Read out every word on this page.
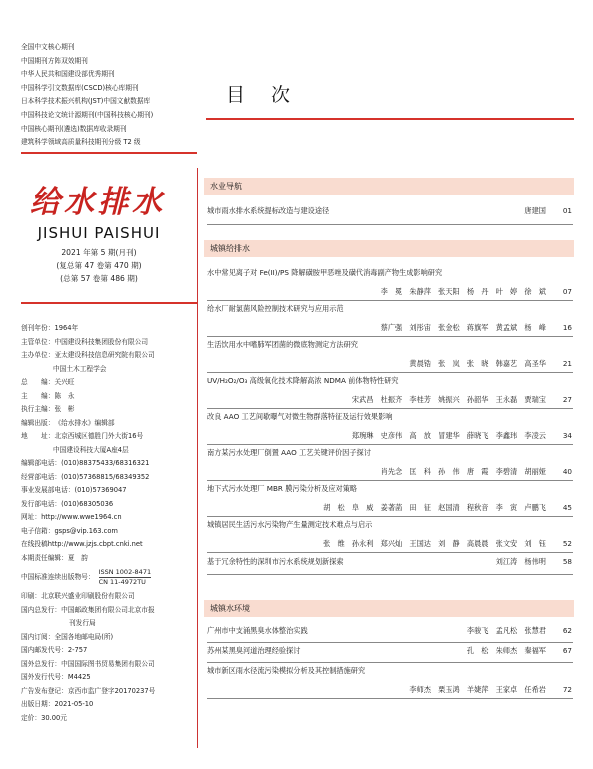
全国中文核心期刊
中国期刊方阵双效期刊
中华人民共和国建设部优秀期刊
中国科学引文数据库(CSCD)核心库期刊
日本科学技术振兴机构(JST)中国文献数据库
中国科技论文统计源期刊(中国科技核心期刊)
中国核心期刊(遴选)数据库收录期刊
建筑科学领域高质量科技期刊分级 T2 级
给水排水
JISHUI PAISHUI
2021 年第 5 期(月刊)
(复总第 47 卷第 470 期)
(总第 57 卷第 486 期)
创刊年份： 1964年
主管单位： 中国建设科技集团股份有限公司
主办单位： 亚太建设科技信息研究院有限公司
中国土木工程学会
总　　编： 关兴旺
主　　编： 陈　永
执行主编： 张　彬
编辑出版： 《给水排水》编辑部
地　　址： 北京西城区德胜门外大街16号
中国建设科技大厦A座4层
编辑部电话： (010)88375433/68316321
经营部电话： (010)57368815/68349352
事业发展部电话： (010)57369047
发行部电话： (010)68305036
网址： http://www.wwe1964.cn
电子信箱： gsps@vip.163.com
在线投稿 http://www.jzjs.cbpt.cnki.net
本期责任编辑： 夏　韵
中国标准连续出版物号：
ISSN 1002-8471
CN 11-4972TU
印刷： 北京联兴盛业印刷股份有限公司
国内总发行： 中国邮政集团有限公司北京市报
刊发行局
国内订阅： 全国各地邮电局(所)
国内邮发代号： 2-757
国外总发行： 中国国际图书贸易集团有限公司
国外发行代号： M4425
广告发布登记： 京西市监广登字20170237号
出版日期： 2021-05-10
定价： 30.00元
目 次
水业导航
城市雨水排水系统提标改造与建设途径	唐建国	01
城镇给排水
水中常见离子对 Fe(II)/PS 降解磺胺甲恶唑及磺代消毒副产物生成影响研究
李　冕　朱静萍　张天阳　杨　丹　叶　婷　徐　斌	07
给水厂耐氯菌风险控制技术研究与应用示范
蔡广强　刘彤宙　张金松　蒋旗军　黄孟斌　杨　峰	16
生活饮用水中嗜肺军团菌的微底物测定方法研究
黄晨锆　张　岚　张　晓　韩嘉艺　高圣华	21
UV/H₂O₂/O₃ 高级氧化技术降解高浓 NDMA 前体物特性研究
宋武昌　杜振齐　李桂芳　姚振兴　孙韶华　王永磊　贾瑞宝	27
改良 AAO 工艺间歇曝气对微生物群落特征及运行效果影响
郑琬琳　史彦伟　高　放　冒建华　薛晓飞　李鑫玮　李凌云	34
南方某污水处理厂倒置 AAO 工艺关键评价因子探讨
肖先念　匡　科　孙　伟　唐　霞　李碧清　胡丽娅	40
地下式污水处理厂 MBR 膜污染分析及应对策略
胡　松　阜　威　姜著菡　田　征　赵国清　程秋音　李　寅　卢鹏飞	45
城镇居民生活污水污染物产生量测定技术难点与启示
张　维　孙永利　郑兴灿　王国达　刘　静　高晨晨　张文安　刘　钰	52
基于冗余特性的深圳市污水系统规划新探索	刘江涛　杨伟明	58
城镇水环境
广州市中支涌黑臭水体整治实践	李骏飞　孟凡松　张慧君	62
苏州某黑臭河道治理经验探讨	孔　松　朱师杰　秦福军	67
城市新区雨水径流污染模拟分析及其控制措施研究
李师杰　栗玉鸿　羊婕萍　王家卓　任希岩	72
